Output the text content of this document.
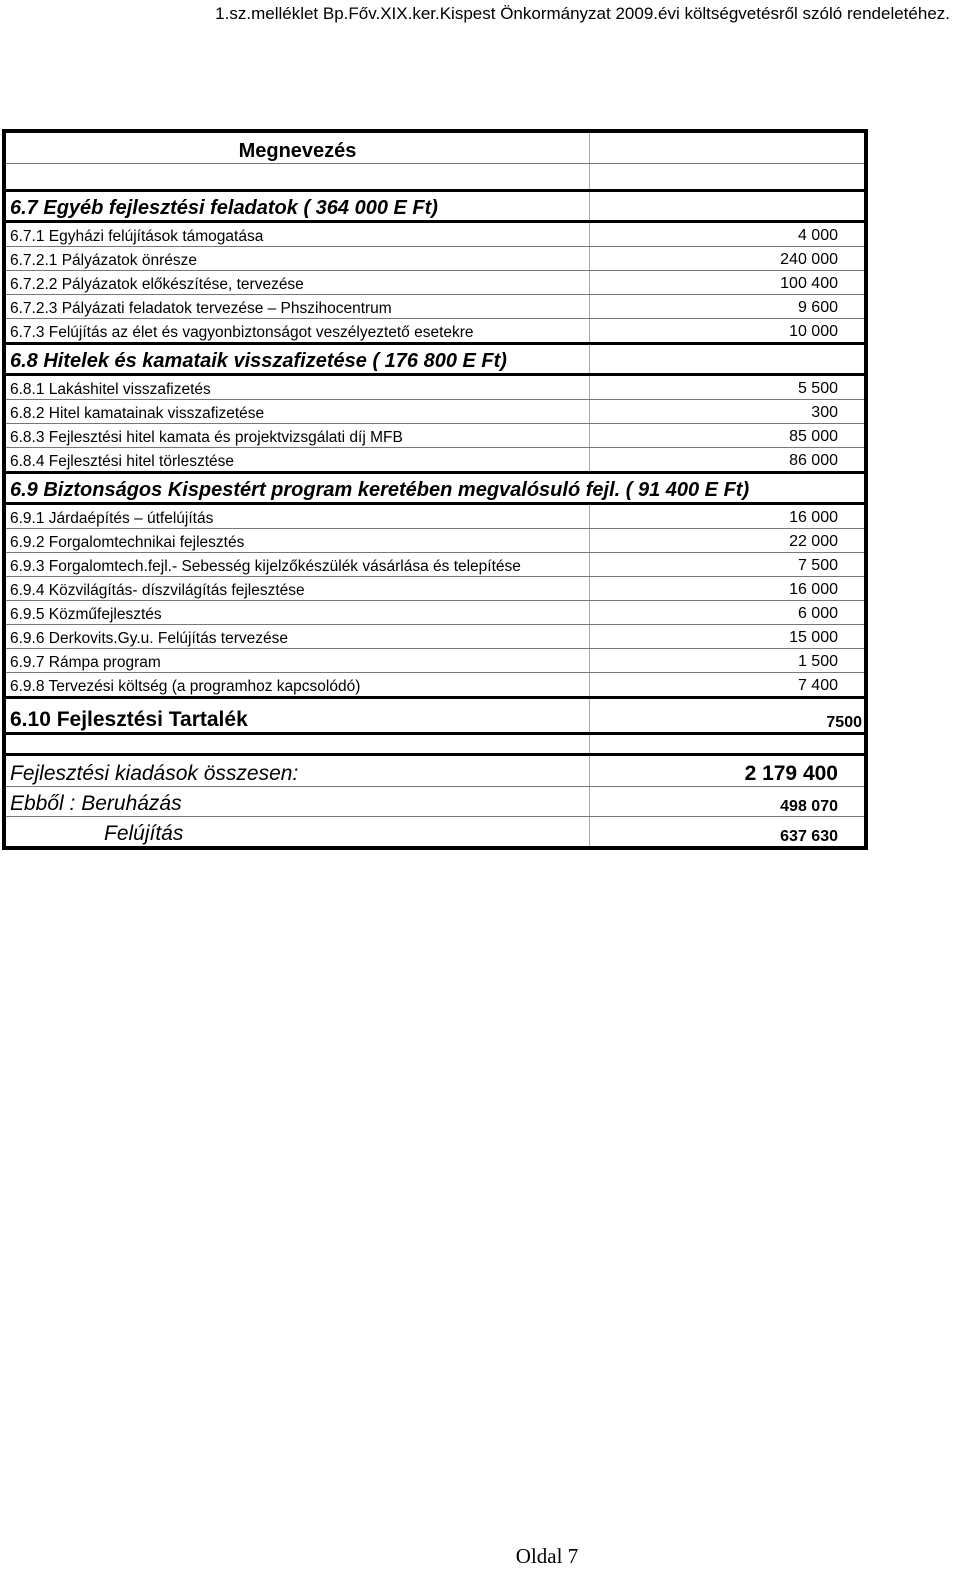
1.sz.melléklet Bp.Főv.XIX.ker.Kispest Önkormányzat 2009.évi költségvetésről szóló rendeletéhez.
Megnevezés
6.7 Egyéb fejlesztési feladatok ( 364 000 E Ft)
6.7.1 Egyházi felújítások támogatása	4 000
6.7.2.1 Pályázatok önrésze	240 000
6.7.2.2 Pályázatok előkészítése, tervezése	100 400
6.7.2.3 Pályázati feladatok tervezése – Phszihocentrum	9 600
6.7.3 Felújítás az élet és vagyonbiztonságot veszélyeztető esetekre	10 000
6.8 Hitelek és kamataik visszafizetése ( 176 800 E Ft)
6.8.1 Lakáshitel visszafizetés	5 500
6.8.2 Hitel kamatainak visszafizetése	300
6.8.3 Fejlesztési hitel kamata és projektvizsgálati díj MFB	85 000
6.8.4 Fejlesztési hitel törlesztése	86 000
6.9 Biztonságos Kispestért program keretében megvalósuló fejl. ( 91 400 E Ft)
6.9.1 Járdaépítés – útfelújítás	16 000
6.9.2 Forgalomtechnikai fejlesztés	22 000
6.9.3 Forgalomtech.fejl.- Sebesség kijelzőkészülék vásárlása és telepítése	7 500
6.9.4 Közvilágítás- díszvilágítás fejlesztése	16 000
6.9.5 Közműfejlesztés	6 000
6.9.6 Derkovits.Gy.u. Felújítás tervezése	15 000
6.9.7 Rámpa program	1 500
6.9.8 Tervezési költség (a programhoz kapcsolódó)	7 400
6.10 Fejlesztési Tartalék	7500
Fejlesztési kiadások összesen:	2 179 400
Ebből : Beruházás	498 070
Felújítás	637 630
Oldal 7
